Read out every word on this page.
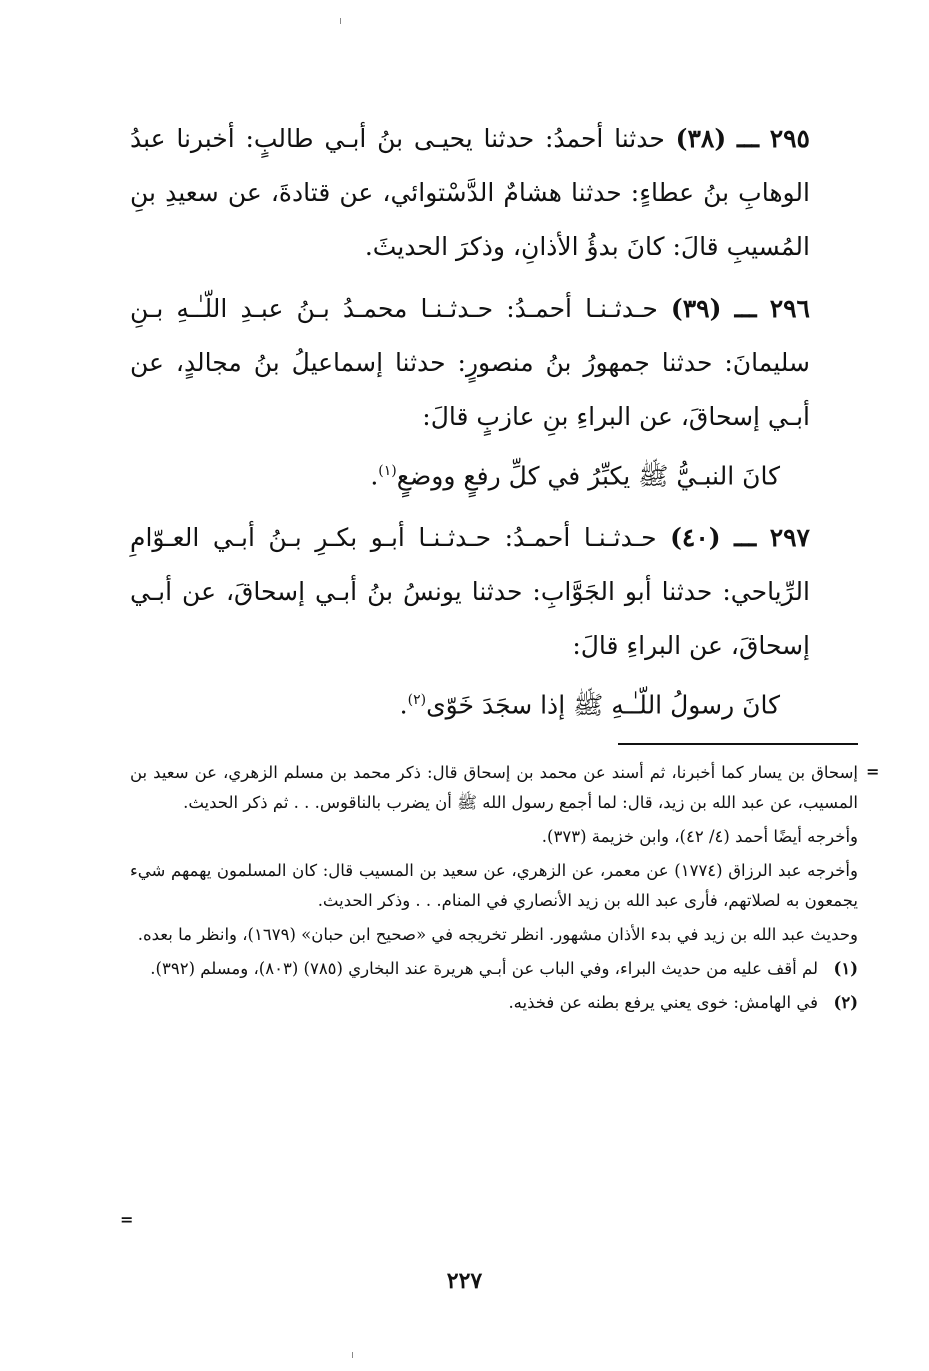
٢٩٥ ـــ (٣٨) حدثنا أحمدُ: حدثنا يحيـى بنُ أبـي طالبٍ: أخبرنا عبدُ الوهابِ بنُ عطاءٍ: حدثنا هشامٌ الدَّسْتوائي، عن قتادةَ، عن سعيدِ بنِ المُسيبِ قالَ: كانَ بدؤُ الأذانِ، وذكرَ الحديثَ.

٢٩٦ ـــ (٣٩) حـدثـنـا أحمـدُ: حـدثـنـا محمـدُ بـنُ عبـدِ اللّـٰـهِ بـنِ سليمانَ: حدثنا جمهورُ بنُ منصورٍ: حدثنا إسماعيلُ بنُ مجالدٍ، عن أبـي إسحاقَ، عن البراءِ بنِ عازبٍ قالَ:

كانَ النبـيُّ ﷺ يكبِّرُ في كلِّ رفعٍ ووضعٍ$^{(١)}$.

٢٩٧ ـــ (٤٠) حـدثـنـا أحمـدُ: حـدثـنـا أبـو بكـرِ بـنُ أبـي العـوّامِ الرِّياحي: حدثنا أبو الجَوَّابِ: حدثنا يونسُ بنُ أبـي إسحاقَ، عن أبـي إسحاقَ، عن البراءِ قالَ:

كانَ رسولُ اللّـٰـهِ ﷺ إذا سجَدَ خَوّى$^{(٢)}$.

=

إسحاق بن يسار كما أخبرنا، ثم أسند عن محمد بن إسحاق قال: ذكر محمد بن مسلم الزهري، عن سعيد بن المسيب، عن عبد الله بن زيد، قال: لما أجمع رسول الله ﷺ أن يضرب بالناقوس. . . ثم ذكر الحديث.

وأخرجه أيضًا أحمد (٤/ ٤٢)، وابن خزيمة (٣٧٣).

وأخرجه عبد الرزاق (١٧٧٤) عن معمر، عن الزهري، عن سعيد بن المسيب قال: كان المسلمون يهمهم شيء يجمعون به لصلاتهم، فأرى عبد الله بن زيد الأنصاري في المنام. . . وذكر الحديث.

وحديث عبد الله بن زيد في بدء الأذان مشهور. انظر تخريجه في «صحيح ابن حبان» (١٦٧٩)، وانظر ما بعده.

(١)
لم أقف عليه من حديث البراء، وفي الباب عن أبـي هريرة عند البخاري (٧٨٥) (٨٠٣)، ومسلم (٣٩٢).
(٢)
في الهامش: خوى يعني يرفع بطنه عن فخذيه.
=
٢٢٧
